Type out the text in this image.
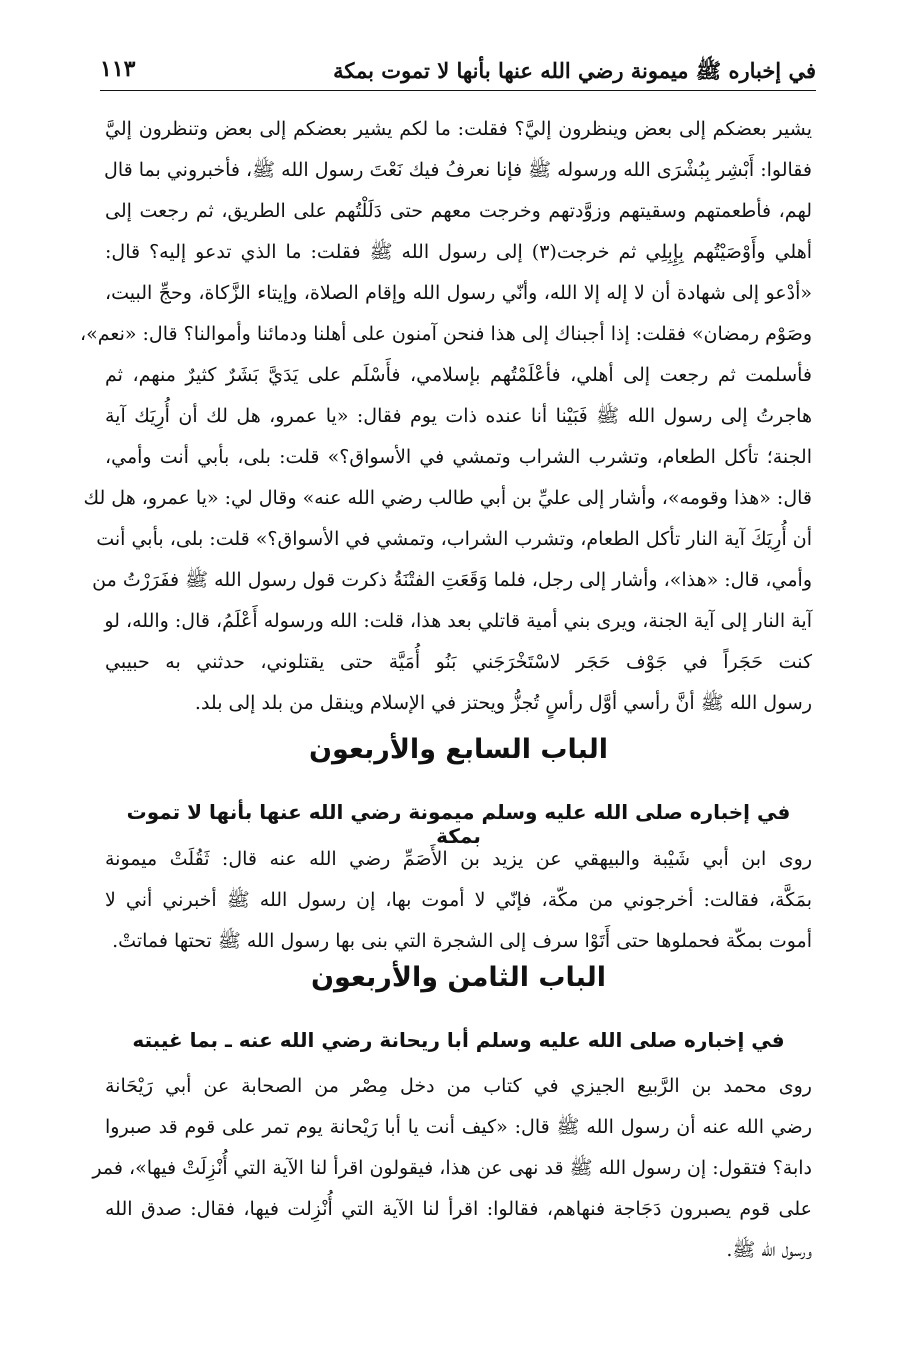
في إخباره ﷺ ميمونة رضي الله عنها بأنها لا تموت بمكة
١١٣
الباب السابع والأربعون
في إخباره صلى الله عليه وسلم ميمونة رضي الله عنها بأنها لا تموت بمكة
الباب الثامن والأربعون
في إخباره صلى الله عليه وسلم أبا ريحانة رضي الله عنه ـ بما غيبته
يشير بعضكم إلى بعض وينظرون إليَّ؟ فقلت: ما لكم يشير بعضكم إلى بعض وتنظرون إليَّ
فقالوا: أَبْشِر بِبُشْرَى الله ورسوله ﷺ فإنا نعرفُ فيك نَعْتَ رسول الله ﷺ، فأخبروني بما قال
لهم، فأطعمتهم وسقيتهم وزوَّدتهم وخرجت معهم حتى دَلَلْتُهم على الطريق، ثم رجعت إلى
أهلي وأَوْصَيْتُهم بِإِبِلِي ثم خرجت(٣) إلى رسول الله ﷺ فقلت: ما الذي تدعو إليه؟ قال:
«أدْعو إلى شهادة أن لا إله إلا الله، وأنّي رسول الله وإقام الصلاة، وإيتاء الزَّكاة، وحجِّ البيت،
وصَوْم رمضان» فقلت: إذا أجبناك إلى هذا فنحن آمنون على أهلنا ودمائنا وأموالنا؟ قال: «نعم»،
فأسلمت ثم رجعت إلى أهلي، فأعْلَمْتُهم بإسلامي، فأَسْلَم على يَدَيَّ بَشَرٌ كثيرٌ منهم، ثم
هاجرتُ إلى رسول الله ﷺ فَبَيْنا أنا عنده ذات يوم فقال: «يا عمرو، هل لك أن أُرِيَك آية
الجنة؛ تأكل الطعام، وتشرب الشراب وتمشي في الأسواق؟» قلت: بلى، بأبي أنت وأمي،
قال: «هذا وقومه»، وأشار إلى عليِّ بن أبي طالب رضي الله عنه» وقال لي: «يا عمرو، هل لك
أن أُرِيَكَ آية النار تأكل الطعام، وتشرب الشراب، وتمشي في الأسواق؟» قلت: بلى، بأبي أنت
وأمي، قال: «هذا»، وأشار إلى رجل، فلما وَقَعَتِ الفتْنَةُ ذكرت قول رسول الله ﷺ ففَرَرْتُ من
آية النار إلى آية الجنة، ويرى بني أمية قاتلي بعد هذا، قلت: الله ورسوله أَعْلَمُ، قال: والله، لو
كنت حَجَراً في جَوْف حَجَر لاسْتَخْرَجَني بَنُو أُمَيَّة حتى يقتلوني، حدثني به حبيبي
رسول الله ﷺ أنَّ رأسي أوَّل رأسٍ تُجزُّ ويحتز في الإسلام وينقل من بلد إلى بلد.
روى ابن أبي شَيْبة والبيهقي عن يزيد بن الأَصَمِّ رضي الله عنه قال: ثَقُلَتْ ميمونة
بمَكَّة، فقالت: أخرجوني من مكّة، فإنّي لا أموت بها، إن رسول الله ﷺ أخبرني أني لا
أموت بمكّة فحملوها حتى أَتَوْا سرف إلى الشجرة التي بنى بها رسول الله ﷺ تحتها فماتتْ.
روى محمد بن الرَّبيع الجيزي في كتاب من دخل مِصْر من الصحابة عن أبي رَيْحَانة
رضي الله عنه أن رسول الله ﷺ قال: «كيف أنت يا أبا رَيْحانة يوم تمر على قوم قد صبروا
دابة؟ فتقول: إن رسول الله ﷺ قد نهى عن هذا، فيقولون اقرأ لنا الآية التي أُنْزِلَتْ فيها»، فمر
على قوم يصبرون دَجَاجة فنهاهم، فقالوا: اقرأ لنا الآية التي أُنْزِلت فيها، فقال: صدق الله
ورسول الله ﷺ.
